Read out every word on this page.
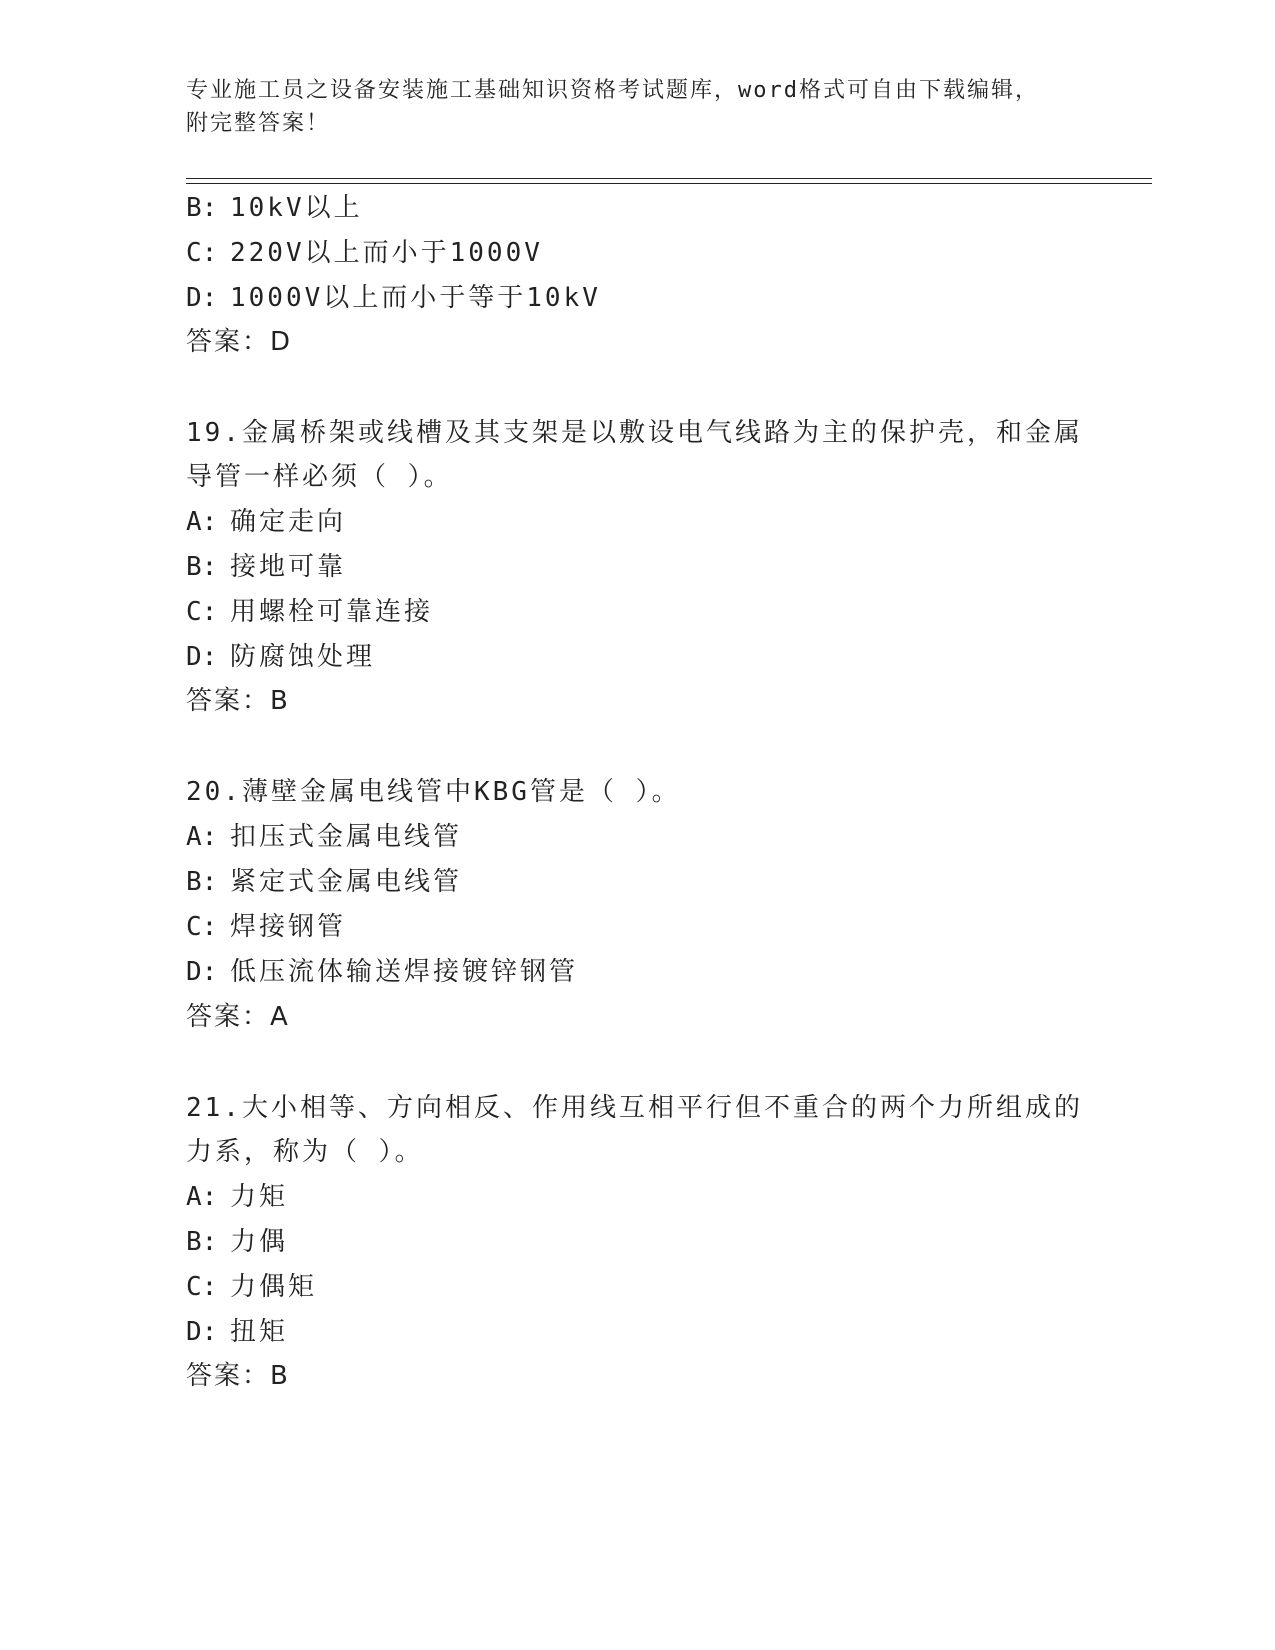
专业施工员之设备安装施工基础知识资格考试题库，word格式可自由下载编辑，
附完整答案！
B: 10kV以上
C: 220V以上而小于1000V
D: 1000V以上而小于等于10kV
答案：D
19.金属桥架或线槽及其支架是以敷设电气线路为主的保护壳，和金属
导管一样必须（ ）。
A: 确定走向
B: 接地可靠
C: 用螺栓可靠连接
D: 防腐蚀处理
答案：B
20.薄壁金属电线管中KBG管是（ ）。
A: 扣压式金属电线管
B: 紧定式金属电线管
C: 焊接钢管
D: 低压流体输送焊接镀锌钢管
答案：A
21.大小相等、方向相反、作用线互相平行但不重合的两个力所组成的
力系，称为（ ）。
A: 力矩
B: 力偶
C: 力偶矩
D: 扭矩
答案：B
